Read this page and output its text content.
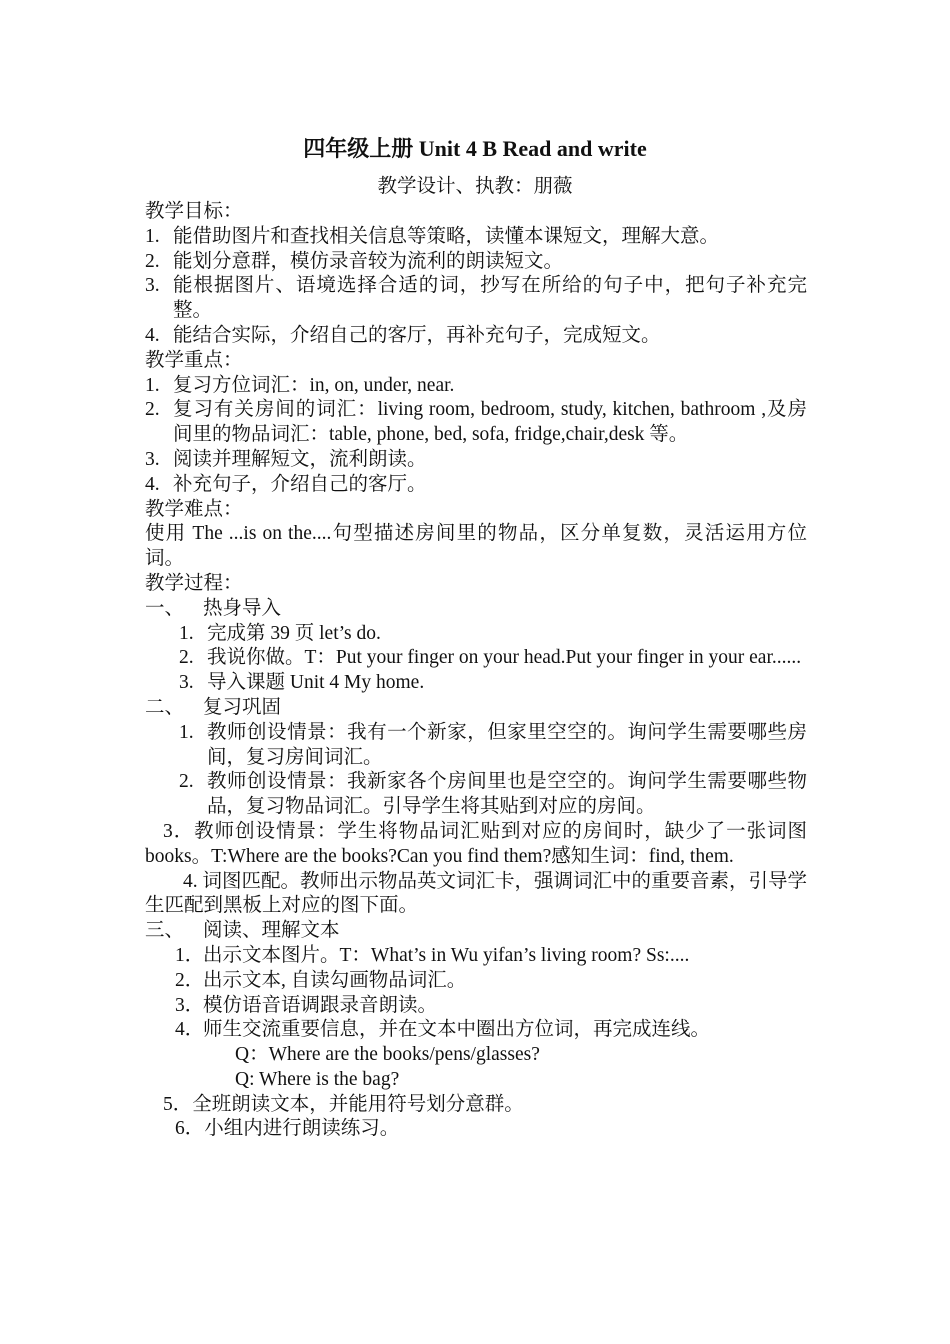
四年级上册 Unit 4 B Read and write
教学设计、执教：朋薇

教学目标：

1. 能借助图片和查找相关信息等策略，读懂本课短文，理解大意。
2. 能划分意群，模仿录音较为流利的朗读短文。
3. 能根据图片、语境选择合适的词，抄写在所给的句子中，把句子补充完整。
4. 能结合实际，介绍自己的客厅，再补充句子，完成短文。

教学重点：

1. 复习方位词汇：in, on, under, near.
2. 复习有关房间的词汇：living room, bedroom, study, kitchen, bathroom ,及房间里的物品词汇：table, phone, bed, sofa, fridge,chair,desk 等。
3. 阅读并理解短文，流利朗读。
4. 补充句子，介绍自己的客厅。

教学难点：

使用 The ...is on the....句型描述房间里的物品，区分单复数，灵活运用方位词。

教学过程：

一、 热身导入
1. 完成第 39 页 let’s do.
2. 我说你做。T：Put your finger on your head.Put your finger in your ear......
3. 导入课题 Unit 4 My home.
二、 复习巩固
1. 教师创设情景：我有一个新家，但家里空空的。询问学生需要哪些房间，复习房间词汇。
2. 教师创设情景：我新家各个房间里也是空空的。询问学生需要哪些物品，复习物品词汇。引导学生将其贴到对应的房间。

3．教师创设情景：学生将物品词汇贴到对应的房间时，缺少了一张词图 books。T:Where are the books?Can you find them?感知生词：find, them.

4. 词图匹配。教师出示物品英文词汇卡，强调词汇中的重要音素，引导学生匹配到黑板上对应的图下面。

三、 阅读、理解文本
1．
出示文本图片。T：What’s in Wu yifan’s living room? Ss:....
2．
出示文本, 自读勾画物品词汇。
3．
模仿语音语调跟录音朗读。
4．
师生交流重要信息，并在文本中圈出方位词，再完成连线。

Q：Where are the books/pens/glasses?

Q: Where is the bag?

5．全班朗读文本，并能用符号划分意群。

6．小组内进行朗读练习。
